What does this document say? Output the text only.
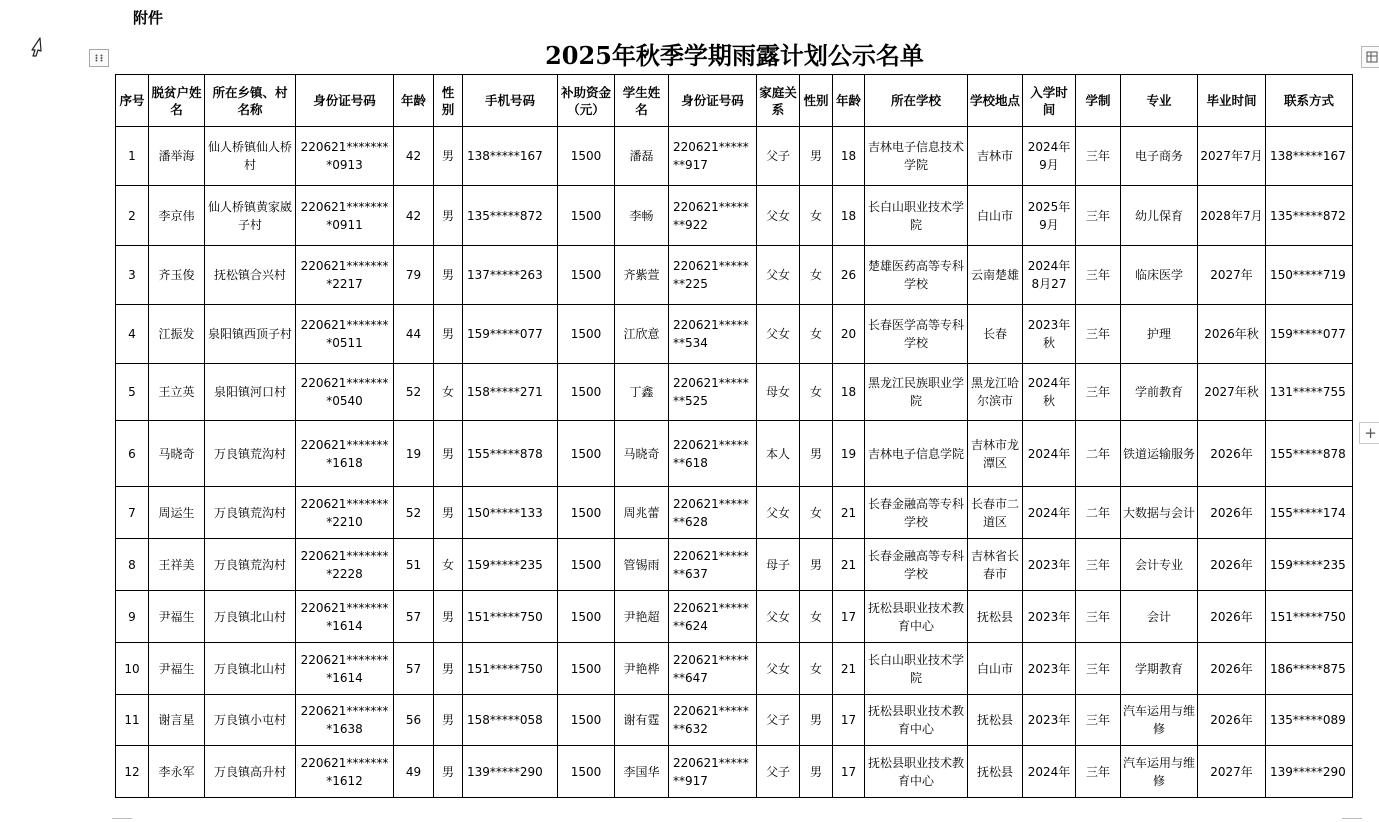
附件
2025年秋季学期雨露计划公示名单
+
序号	脱贫户姓名	所在乡镇、村名称	身份证号码	年龄	性别	手机号码	补助资金（元）	学生姓名	身份证号码	家庭关系	性别	年龄	所在学校	学校地点	入学时间	学制	专业	毕业时间	联系方式
1	潘举海	仙人桥镇仙人桥村	220621********0913	42	男	138*****167	1500	潘磊	220621*******917	父子	男	18	吉林电子信息技术学院	吉林市	2024年9月	三年	电子商务	2027年7月	138*****167
2	李京伟	仙人桥镇黄家崴子村	220621********0911	42	男	135*****872	1500	李畅	220621*******922	父女	女	18	长白山职业技术学院	白山市	2025年9月	三年	幼儿保育	2028年7月	135*****872
3	齐玉俊	抚松镇合兴村	220621********2217	79	男	137*****263	1500	齐紫萱	220621*******225	父女	女	26	楚雄医药高等专科学校	云南楚雄	2024年8月27	三年	临床医学	2027年	150*****719
4	江振发	泉阳镇西顶子村	220621********0511	44	男	159*****077	1500	江欣意	220621*******534	父女	女	20	长春医学高等专科学校	长春	2023年秋	三年	护理	2026年秋	159*****077
5	王立英	泉阳镇河口村	220621********0540	52	女	158*****271	1500	丁鑫	220621*******525	母女	女	18	黑龙江民族职业学院	黑龙江哈尔滨市	2024年秋	三年	学前教育	2027年秋	131*****755
6	马晓奇	万良镇荒沟村	220621********1618	19	男	155*****878	1500	马晓奇	220621*******618	本人	男	19	吉林电子信息学院	吉林市龙潭区	2024年	二年	铁道运输服务	2026年	155*****878
7	周运生	万良镇荒沟村	220621********2210	52	男	150*****133	1500	周兆蕾	220621*******628	父女	女	21	长春金融高等专科学校	长春市二道区	2024年	二年	大数据与会计	2026年	155*****174
8	王祥美	万良镇荒沟村	220621********2228	51	女	159*****235	1500	管锡雨	220621*******637	母子	男	21	长春金融高等专科学校	吉林省长春市	2023年	三年	会计专业	2026年	159*****235
9	尹福生	万良镇北山村	220621********1614	57	男	151*****750	1500	尹艳超	220621*******624	父女	女	17	抚松县职业技术教育中心	抚松县	2023年	三年	会计	2026年	151*****750
10	尹福生	万良镇北山村	220621********1614	57	男	151*****750	1500	尹艳桦	220621*******647	父女	女	21	长白山职业技术学院	白山市	2023年	三年	学期教育	2026年	186*****875
11	谢言星	万良镇小屯村	220621********1638	56	男	158*****058	1500	谢有霆	220621*******632	父子	男	17	抚松县职业技术教育中心	抚松县	2023年	三年	汽车运用与维修	2026年	135*****089
12	李永军	万良镇高升村	220621********1612	49	男	139*****290	1500	李国华	220621*******917	父子	男	17	抚松县职业技术教育中心	抚松县	2024年	三年	汽车运用与维修	2027年	139*****290
